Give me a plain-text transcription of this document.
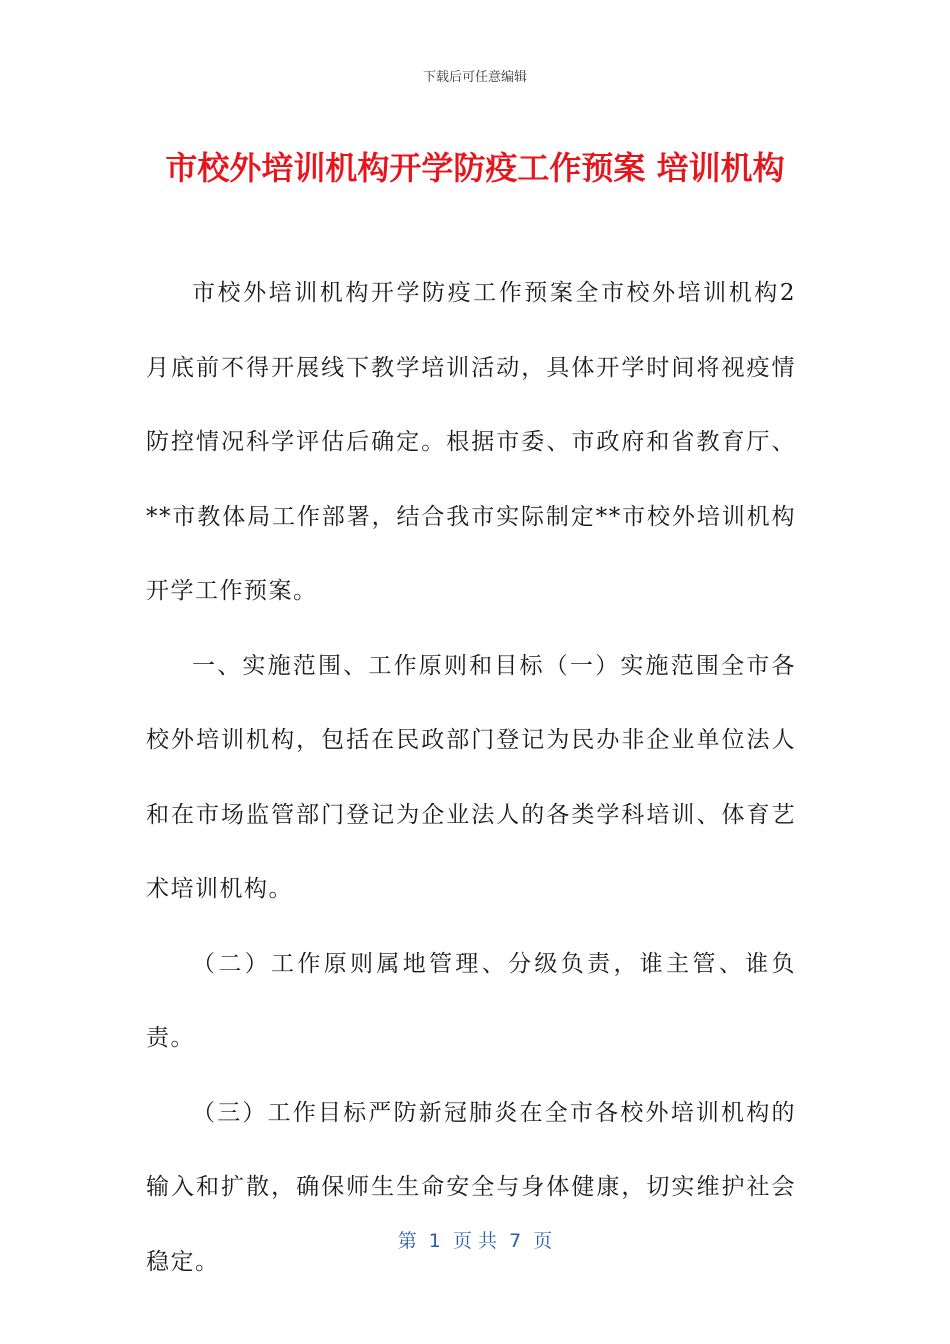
下载后可任意编辑
市校外培训机构开学防疫工作预案 培训机构

市校外培训机构开学防疫工作预案全市校外培训机构2月底前不得开展线下教学培训活动，具体开学时间将视疫情防控情况科学评估后确定。根据市委、市政府和省教育厅、**市教体局工作部署，结合我市实际制定**市校外培训机构开学工作预案。

一、实施范围、工作原则和目标（一）实施范围全市各校外培训机构，包括在民政部门登记为民办非企业单位法人和在市场监管部门登记为企业法人的各类学科培训、体育艺术培训机构。

（二）工作原则属地管理、分级负责，谁主管、谁负责。

（三）工作目标严防新冠肺炎在全市各校外培训机构的输入和扩散，确保师生生命安全与身体健康，切实维护社会稳定。

第  1  页 共  7  页
